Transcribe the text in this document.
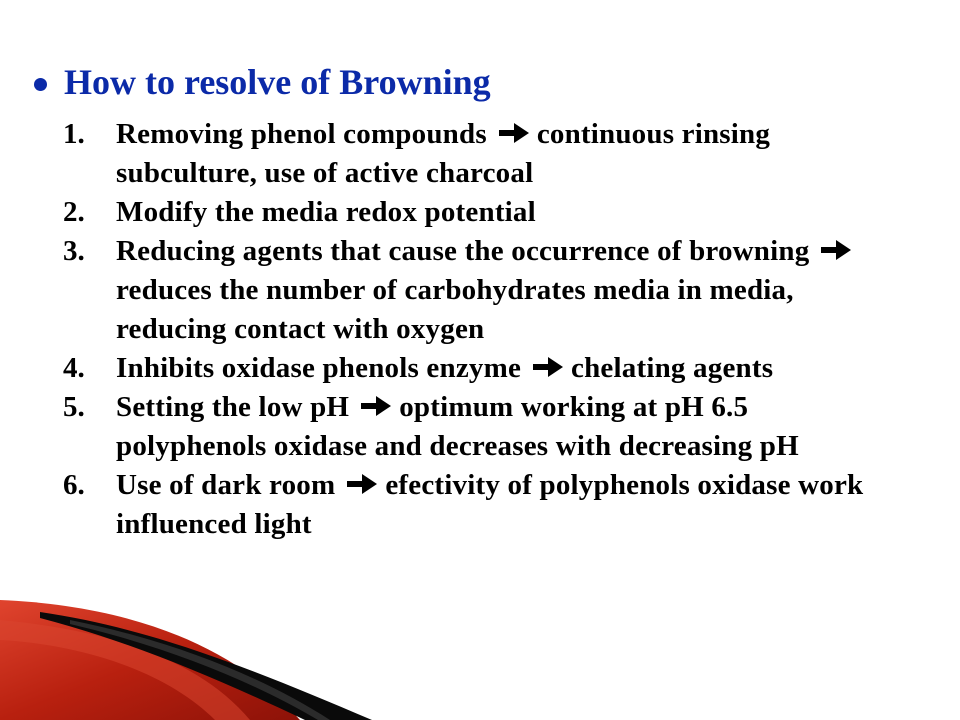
How to resolve of Browning
1.	Removing phenol compounds continuous rinsing subculture, use of active charcoal
2.	Modify the media redox potential
3.	Reducing agents that cause the occurrence of browningreduces the number of carbohydrates media in media, reducing contact with oxygen
4.	Inhibits oxidase phenols enzyme chelating agents
5.	Setting the low pH optimum working at pH 6.5 polyphenols oxidase and decreases with decreasing pH
6.	Use of dark room efectivity of polyphenols oxidase work influenced light
